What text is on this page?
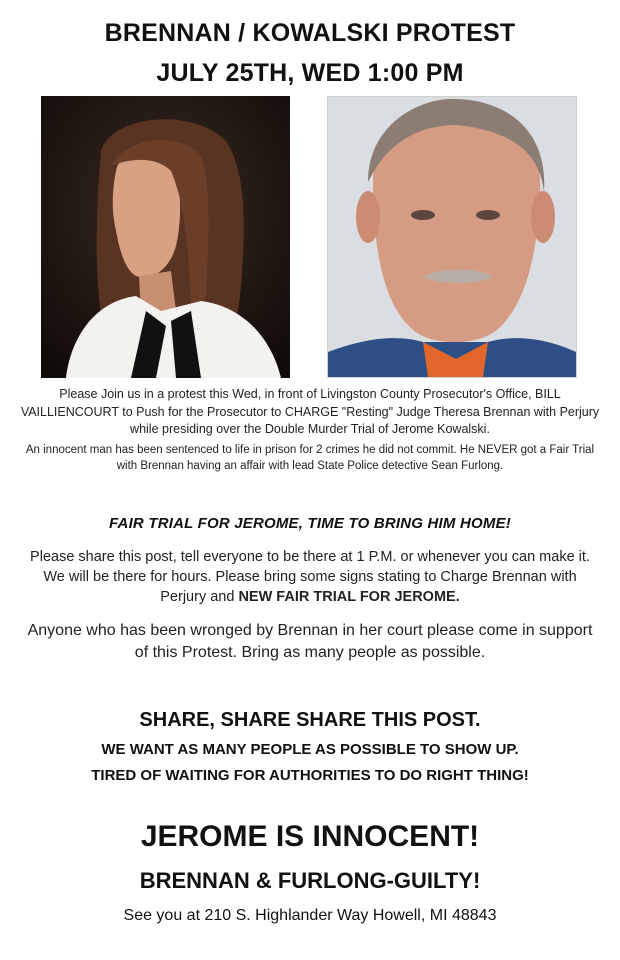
BRENNAN / KOWALSKI PROTEST
JULY 25TH, WED 1:00 PM
Please Join us in a protest this Wed, in front of Livingston County Prosecutor's Office, BILL VAILLIENCOURT to Push for the Prosecutor to CHARGE "Resting" Judge Theresa Brennan with Perjury while presiding over the Double Murder Trial of Jerome Kowalski.
An innocent man has been sentenced to life in prison for 2 crimes he did not commit. He NEVER got a Fair Trial with Brennan having an affair with lead State Police detective Sean Furlong.
FAIR TRIAL FOR JEROME, TIME TO BRING HIM HOME!
Please share this post, tell everyone to be there at 1 P.M. or whenever you can make it. We will be there for hours. Please bring some signs stating to Charge Brennan with Perjury and NEW FAIR TRIAL FOR JEROME.
Anyone who has been wronged by Brennan in her court please come in support of this Protest. Bring as many people as possible.
SHARE, SHARE SHARE THIS POST.
WE WANT AS MANY PEOPLE AS POSSIBLE TO SHOW UP.
TIRED OF WAITING FOR AUTHORITIES TO DO RIGHT THING!
JEROME IS INNOCENT!
BRENNAN & FURLONG-GUILTY!
See you at 210 S. Highlander Way Howell, MI 48843
